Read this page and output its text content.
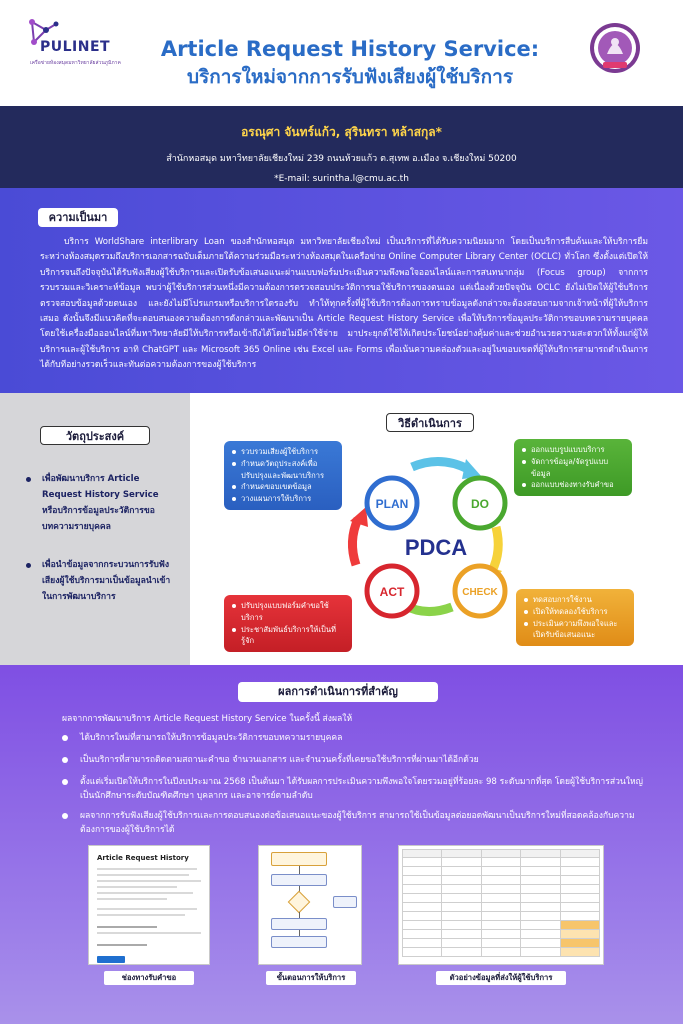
PULINET
เครือข่ายห้องสมุดมหาวิทยาลัยส่วนภูมิภาค
Article Request History Service:
บริการใหม่จากการรับฟังเสียงผู้ใช้บริการ
อรณุศา จันทร์แก้ว, สุรินทรา หล้าสกุล*
สำนักหอสมุด มหาวิทยาลัยเชียงใหม่ 239 ถนนห้วยแก้ว ต.สุเทพ อ.เมือง จ.เชียงใหม่ 50200
*E-mail: surintha.l@cmu.ac.th
ความเป็นมา
บริการ WorldShare interlibrary Loan ของสำนักหอสมุด มหาวิทยาลัยเชียงใหม่ เป็นบริการที่ได้รับความนิยมมาก โดยเป็นบริการสืบค้นและให้บริการยืมระหว่างห้องสมุดรวมถึงบริการเอกสารฉบับเต็มภายใต้ความร่วมมือระหว่างห้องสมุดในเครือข่าย Online Computer Library Center (OCLC) ทั่วโลก ซึ่งตั้งแต่เปิดให้บริการจนถึงปัจจุบันได้รับฟังเสียงผู้ใช้บริการและเปิดรับข้อเสนอแนะผ่านแบบฟอร์มประเมินความพึงพอใจออนไลน์และการสนทนากลุ่ม (Focus group) จากการรวบรวมและวิเคราะห์ข้อมูล พบว่าผู้ใช้บริการส่วนหนึ่งมีความต้องการตรวจสอบประวัติการขอใช้บริการของตนเอง แต่เนื่องด้วยปัจจุบัน OCLC ยังไม่เปิดให้ผู้ใช้บริการตรวจสอบข้อมูลด้วยตนเอง และยังไม่มีโปรแกรมหรือบริการใดรองรับ ทำให้ทุกครั้งที่ผู้ใช้บริการต้องการทราบข้อมูลดังกล่าวจะต้องสอบถามจากเจ้าหน้าที่ผู้ให้บริการเสมอ ดังนั้นจึงมีแนวคิดที่จะตอบสนองความต้องการดังกล่าวและพัฒนาเป็น Article Request History Service เพื่อให้บริการข้อมูลประวัติการขอบทความรายบุคคล โดยใช้เครื่องมือออนไลน์ที่มหาวิทยาลัยมีให้บริการหรือเข้าถึงได้โดยไม่มีค่าใช้จ่าย มาประยุกต์ใช้ให้เกิดประโยชน์อย่างคุ้มค่าและช่วยอำนวยความสะดวกให้ทั้งแก่ผู้ให้บริการและผู้ใช้บริการ อาทิ ChatGPT และ Microsoft 365 Online เช่น Excel และ Forms เพื่อเน้นความคล่องตัวและอยู่ในขอบเขตที่ผู้ให้บริการสามารถดำเนินการได้กับทีอย่างรวดเร็วและทันต่อความต้องการของผู้ใช้บริการ
วัตถุประสงค์
เพื่อพัฒนาบริการ Article Request History Service หรือบริการข้อมูลประวัติการขอบทความรายบุคคล
เพื่อนำข้อมูลจากกระบวนการรับฟังเสียงผู้ใช้บริการมาเป็นข้อมูลนำเข้าในการพัฒนาบริการ
วิธีดำเนินการ
PLAN	DO
CHECK
ACT
PDCA
รวบรวมเสียงผู้ใช้บริการ
กำหนดวัตถุประสงค์เพื่อปรับปรุงและพัฒนาบริการ
กำหนดขอบเขตข้อมูล
วางแผนการให้บริการ
ออกแบบรูปแบบบริการ
จัดการข้อมูล/จัดรูปแบบข้อมูล
ออกแบบช่องทางรับคำขอ
ปรับปรุงแบบฟอร์มคำขอใช้บริการ
ประชาสัมพันธ์บริการให้เป็นที่รู้จัก
ทดสอบการใช้งาน
เปิดให้ทดลองใช้บริการ
ประเมินความพึงพอใจและเปิดรับข้อเสนอแนะ
ผลการดำเนินการที่สำคัญ
ผลจากการพัฒนาบริการ Article Request History Service ในครั้งนี้ ส่งผลให้
ได้บริการใหม่ที่สามารถให้บริการข้อมูลประวัติการขอบทความรายบุคคล
เป็นบริการที่สามารถติดตามสถานะคำขอ จำนวนเอกสาร และจำนวนครั้งที่เคยขอใช้บริการที่ผ่านมาได้อีกด้วย
ตั้งแต่เริ่มเปิดให้บริการในปีงบประมาณ 2568 เป็นต้นมา ได้รับผลการประเมินความพึงพอใจโดยรวมอยู่ที่ร้อยละ 98 ระดับมากที่สุด โดยผู้ใช้บริการส่วนใหญ่เป็นนักศึกษาระดับบัณฑิตศึกษา บุคลากร และอาจารย์ตามลำดับ
ผลจากการรับฟังเสียงผู้ใช้บริการและการตอบสนองต่อข้อเสนอแนะของผู้ใช้บริการ สามารถใช้เป็นข้อมูลต่อยอดพัฒนาเป็นบริการใหม่ที่สอดคล้องกับความต้องการของผู้ใช้บริการได้
Article Request History
ช่องทางรับคำขอ	ขั้นตอนการให้บริการ

					ตัวอย่างข้อมูลที่ส่งให้ผู้ใช้บริการ
